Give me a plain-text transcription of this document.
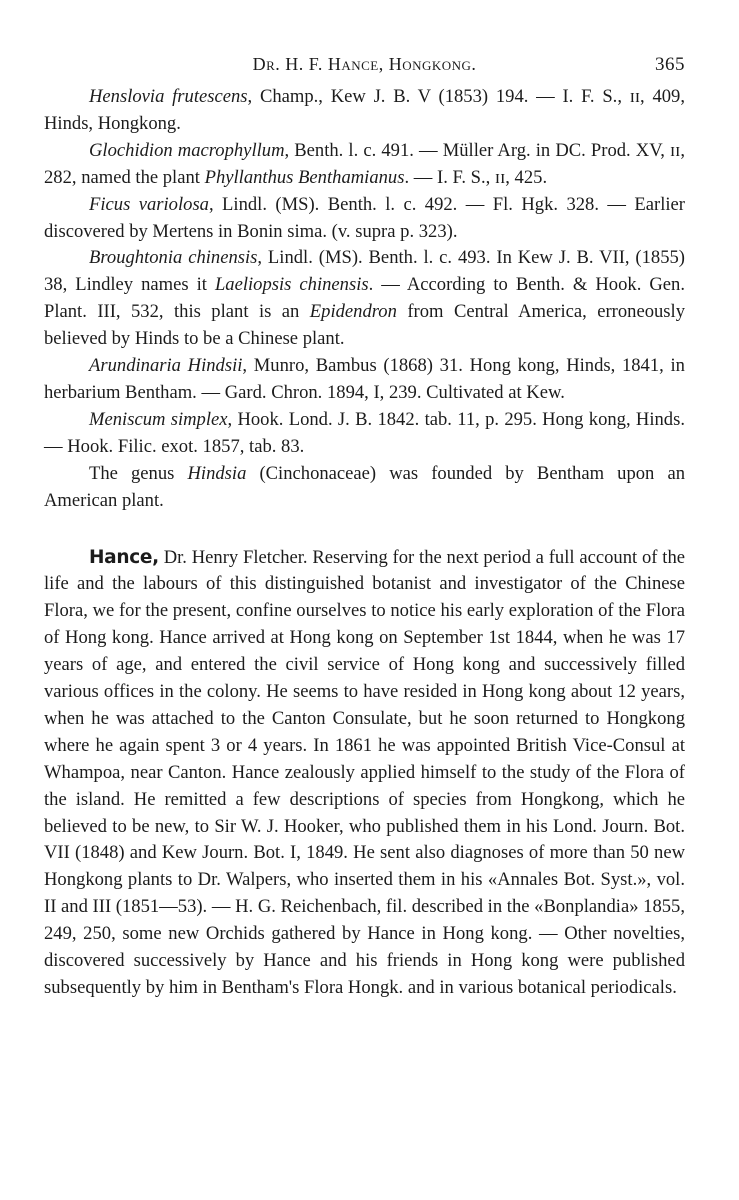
Dr. H. F. Hance, Hongkong.	365

Henslovia frutescens, Champ., Kew J. B. V (1853) 194. — I. F. S., ɪɪ, 409, Hinds, Hongkong.

Glochidion macrophyllum, Benth. l. c. 491. — Müller Arg. in DC. Prod. XV, ɪɪ, 282, named the plant Phyllanthus Benthamianus. — I. F. S., ɪɪ, 425.

Ficus variolosa, Lindl. (MS). Benth. l. c. 492. — Fl. Hgk. 328. — Earlier discovered by Mertens in Bonin sima. (v. supra p. 323).

Broughtonia chinensis, Lindl. (MS). Benth. l. c. 493. In Kew J. B. VII, (1855) 38, Lindley names it Laeliopsis chinensis. — According to Benth. & Hook. Gen. Plant. III, 532, this plant is an Epidendron from Central America, erroneously believed by Hinds to be a Chinese plant.

Arundinaria Hindsii, Munro, Bambus (1868) 31. Hong kong, Hinds, 1841, in herbarium Bentham. — Gard. Chron. 1894, I, 239. Cultivated at Kew.

Meniscum simplex, Hook. Lond. J. B. 1842. tab. 11, p. 295. Hong kong, Hinds. — Hook. Filic. exot. 1857, tab. 83.

The genus Hindsia (Cinchonaceae) was founded by Bentham upon an American plant.

Hance, Dr. Henry Fletcher. Reserving for the next period a full account of the life and the labours of this distinguished botanist and investigator of the Chinese Flora, we for the present, confine ourselves to notice his early exploration of the Flora of Hong kong. Hance arrived at Hong kong on September 1st 1844, when he was 17 years of age, and entered the civil service of Hong kong and successively filled various offices in the colony. He seems to have resided in Hong kong about 12 years, when he was attached to the Canton Consulate, but he soon returned to Hongkong where he again spent 3 or 4 years. In 1861 he was appointed British Vice-Consul at Whampoa, near Canton. Hance zealously applied himself to the study of the Flora of the island. He remitted a few descriptions of species from Hongkong, which he believed to be new, to Sir W. J. Hooker, who published them in his Lond. Journ. Bot. VII (1848) and Kew Journ. Bot. I, 1849. He sent also diagnoses of more than 50 new Hongkong plants to Dr. Walpers, who inserted them in his «Annales Bot. Syst.», vol. II and III (1851—53). — H. G. Reichenbach, fil. described in the «Bonplandia» 1855, 249, 250, some new Orchids gathered by Hance in Hong kong. — Other novelties, discovered successively by Hance and his friends in Hong kong were published subsequently by him in Bentham's Flora Hongk. and in various botanical periodicals.
